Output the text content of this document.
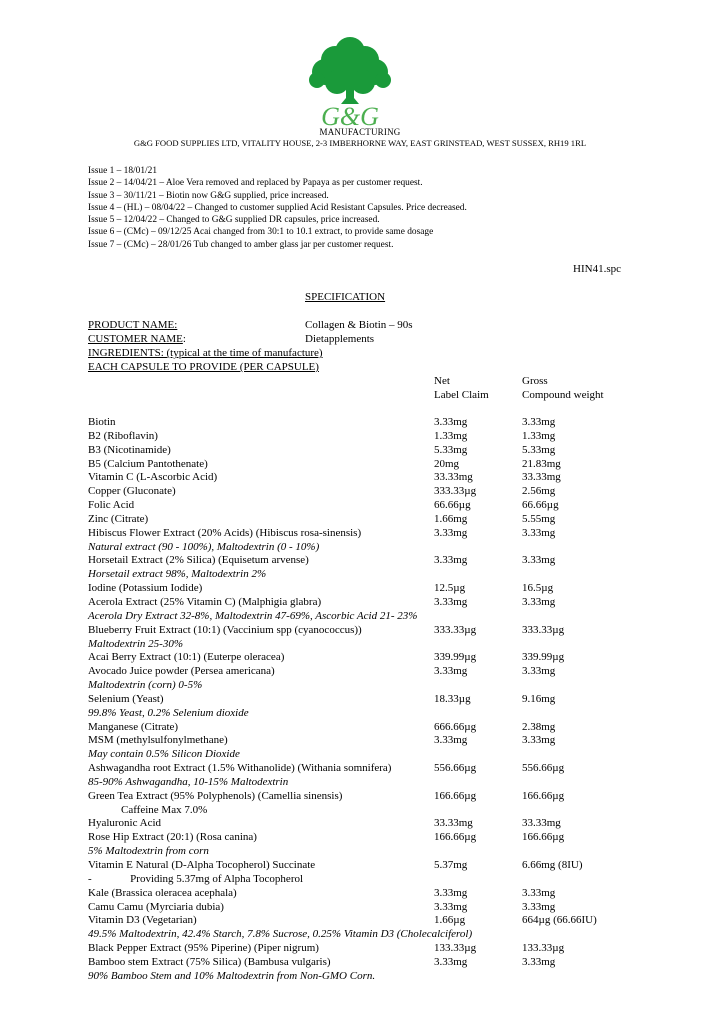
G&G
MANUFACTURING
G&G FOOD SUPPLIES LTD, VITALITY HOUSE, 2-3 IMBERHORNE WAY, EAST GRINSTEAD, WEST SUSSEX, RH19 1RL
Issue 1 – 18/01/21
Issue 2 – 14/04/21 – Aloe Vera removed and replaced by Papaya as per customer request.
Issue 3 – 30/11/21 – Biotin now G&G supplied, price increased.
Issue 4 – (HL) – 08/04/22 – Changed to customer supplied Acid Resistant Capsules. Price decreased.
Issue 5 – 12/04/22 – Changed to G&G supplied DR capsules, price increased.
Issue 6 – (CMc) – 09/12/25 Acai changed from 30:1 to 10.1 extract, to provide same dosage
Issue 7 – (CMc) – 28/01/26 Tub changed to amber glass jar per customer request.
HIN41.spc
SPECIFICATION
PRODUCT NAME:	Collagen & Biotin – 90s
CUSTOMER NAME:	Dietapplements
INGREDIENTS: (typical at the time of manufacture)
EACH CAPSULE TO PROVIDE (PER CAPSULE)
Net
Label Claim
Gross
Compound weight
Biotin	3.33mg	3.33mg
B2 (Riboflavin)	1.33mg	1.33mg
B3 (Nicotinamide)	5.33mg	5.33mg
B5 (Calcium Pantothenate)	20mg	21.83mg
Vitamin C (L-Ascorbic Acid)	33.33mg	33.33mg
Copper (Gluconate)	333.33µg	2.56mg
Folic Acid	66.66µg	66.66µg
Zinc (Citrate)	1.66mg	5.55mg
Hibiscus Flower Extract (20% Acids) (Hibiscus rosa-sinensis)	3.33mg	3.33mg
Natural extract (90 - 100%), Maltodextrin (0 - 10%)
Horsetail Extract (2% Silica) (Equisetum arvense)	3.33mg	3.33mg
Horsetail extract 98%, Maltodextrin 2%
Iodine (Potassium Iodide)	12.5µg	16.5µg
Acerola Extract (25% Vitamin C) (Malphigia glabra)	3.33mg	3.33mg
Acerola Dry Extract 32-8%, Maltodextrin 47-69%, Ascorbic Acid 21- 23%
Blueberry Fruit Extract (10:1) (Vaccinium spp (cyanococcus))	333.33µg	333.33µg
Maltodextrin 25-30%
Acai Berry Extract (10:1) (Euterpe oleracea)	339.99µg	339.99µg
Avocado Juice powder (Persea americana)	3.33mg	3.33mg
Maltodextrin (corn) 0-5%
Selenium (Yeast)	18.33µg	9.16mg
99.8% Yeast, 0.2% Selenium dioxide
Manganese (Citrate)	666.66µg	2.38mg
MSM (methylsulfonylmethane)	3.33mg	3.33mg
May contain 0.5% Silicon Dioxide
Ashwagandha root Extract (1.5% Withanolide) (Withania somnifera)	556.66µg	556.66µg
85-90% Ashwagandha, 10-15% Maltodextrin
Green Tea Extract (95% Polyphenols) (Camellia sinensis)	166.66µg	166.66µg
Caffeine Max 7.0%
Hyaluronic Acid	33.33mg	33.33mg
Rose Hip Extract (20:1) (Rosa canina)	166.66µg	166.66µg
5% Maltodextrin from corn
Vitamin E Natural (D-Alpha Tocopherol) Succinate	5.37mg	6.66mg (8IU)
-              Providing 5.37mg of Alpha Tocopherol
Kale (Brassica oleracea acephala)	3.33mg	3.33mg
Camu Camu (Myrciaria dubia)	3.33mg	3.33mg
Vitamin D3 (Vegetarian)	1.66µg	664µg (66.66IU)
49.5% Maltodextrin, 42.4% Starch, 7.8% Sucrose, 0.25% Vitamin D3 (Cholecalciferol)
Black Pepper Extract (95% Piperine) (Piper nigrum)	133.33µg	133.33µg
Bamboo stem Extract (75% Silica) (Bambusa vulgaris)	3.33mg	3.33mg
90% Bamboo Stem and 10% Maltodextrin from Non-GMO Corn.
